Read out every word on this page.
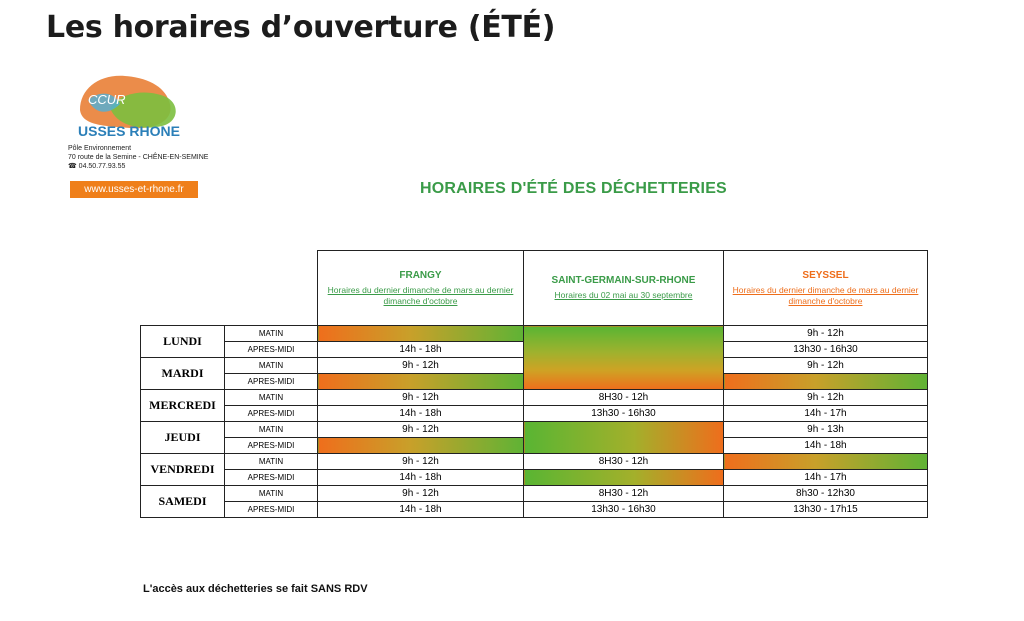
Les horaires d’ouverture (ÉTÉ)
CCUR
USSES RHONE
Pôle Environnement
70 route de la Semine - CHÊNE-EN-SEMINE
☎ 04.50.77.93.55
www.usses-et-rhone.fr	HORAIRES D'ÉTÉ DES DÉCHETTERIES

		FRANGY
Horaires du dernier dimanche de mars au dernier dimanche d'octobre	SAINT-GERMAIN-SUR-RHONE
Horaires du 02 mai au 30 septembre	SEYSSEL
Horaires du dernier dimanche de mars au dernier dimanche d'octobre

LUNDI	MATIN			9h - 12h
	APRES-MIDI	14h - 18h		13h30 - 16h30
MARDI	MATIN	9h - 12h		9h - 12h
	APRES-MIDI			
MERCREDI	MATIN	9h - 12h	8H30 - 12h	9h - 12h
	APRES-MIDI	14h - 18h	13h30 - 16h30	14h - 17h
JEUDI	MATIN	9h - 12h		9h - 13h
	APRES-MIDI			14h - 18h
VENDREDI	MATIN	9h - 12h	8H30 - 12h	
	APRES-MIDI	14h - 18h		14h - 17h
SAMEDI	MATIN	9h - 12h	8H30 - 12h	8h30 - 12h30
	APRES-MIDI	14h - 18h	13h30 - 16h30	13h30 - 17h15
L'accès aux déchetteries se fait SANS RDV
